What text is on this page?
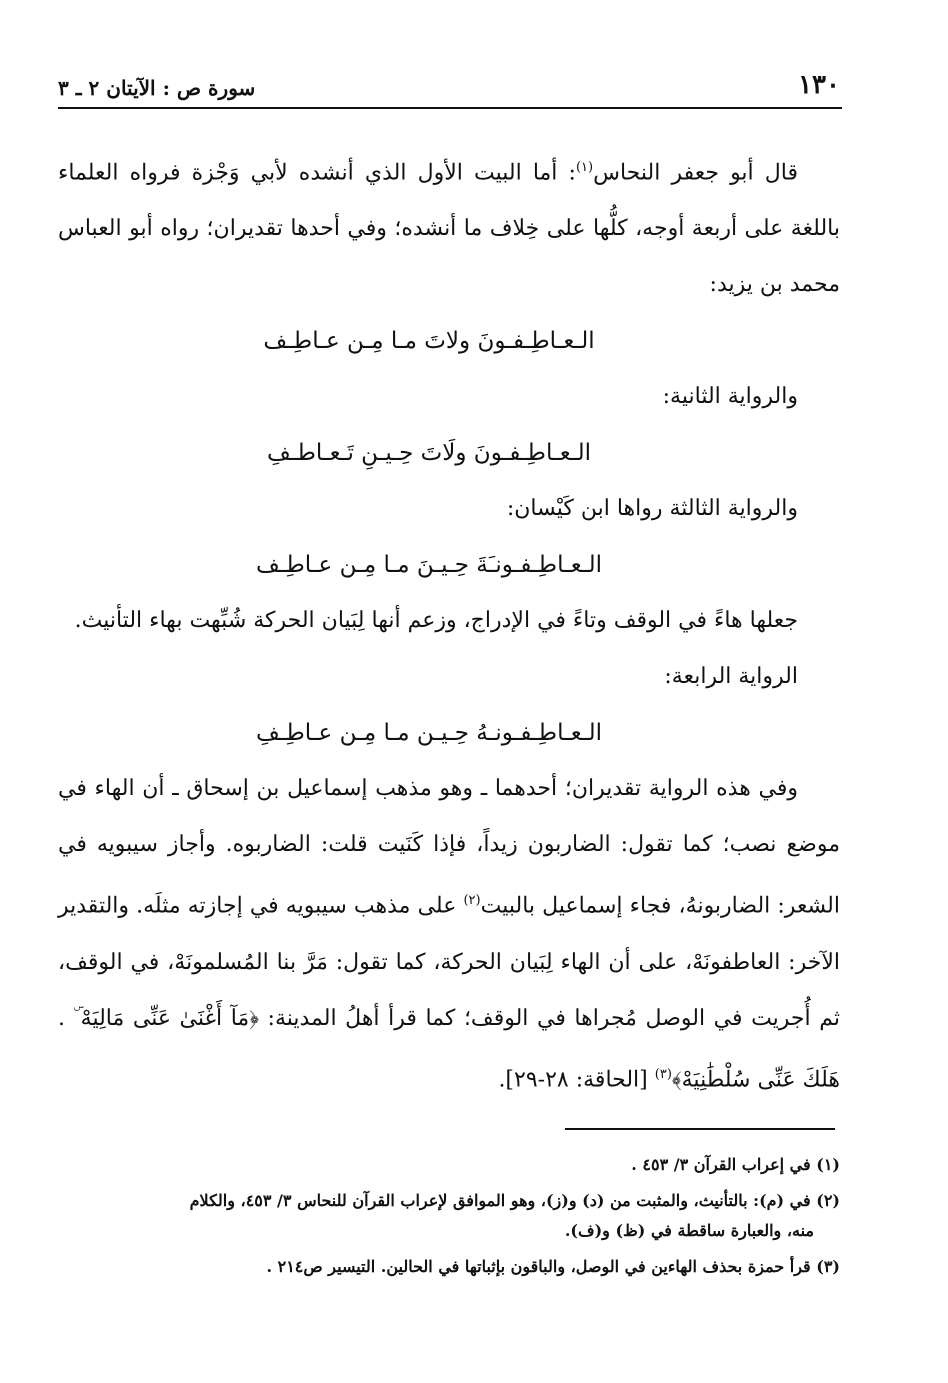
١٣٠
سورة ص : الآيتان ٢ ـ ٣

قال أبو جعفر النحاس$^{(١)}$: أما البيت الأول الذي أنشده لأبي وَجْزة فرواه العلماء باللغة على أربعة أوجه، كلُّها على خِلاف ما أنشده؛ وفي أحدها تقديران؛ رواه أبو العباس محمد بن يزيد:

الـعـاطِـفـونَ ولاتَ مـا مِـن عـاطِـف

والرواية الثانية:

الـعـاطِـفـونَ ولَاتَ حِـيـنِ تَـعـاطـفِ

والرواية الثالثة رواها ابن كَيْسان:

الـعـاطِـفـونـَةَ حِـيـنَ مـا مِـن عـاطِـف

جعلها هاءً في الوقف وتاءً في الإدراج، وزعم أنها لِبَيان الحركة شُبِّهت بهاء التأنيث.

الرواية الرابعة:

الـعـاطِـفـونـهُ حِـيـن مـا مِـن عـاطِـفِ

وفي هذه الرواية تقديران؛ أحدهما ـ وهو مذهب إسماعيل بن إسحاق ـ أن الهاء في موضع نصب؛ كما تقول: الضاربون زيداً، فإذا كَنَيت قلت: الضاربوه. وأجاز سيبويه في الشعر: الضاربونهُ، فجاء إسماعيل بالبيت$^{(٢)}$ على مذهب سيبويه في إجازته مثلَه. والتقدير الآخر: العاطفونَهْ، على أن الهاء لِبَيان الحركة، كما تقول: مَرَّ بنا المُسلمونَهْ، في الوقف، ثم أُجريت في الوصل مُجراها في الوقف؛ كما قرأ أهلُ المدينة: ﴿مَآ أَغْنَىٰ عَنِّى مَالِيَهْ ۜ . هَلَكَ عَنِّى سُلْطَٰنِيَهْ﴾$^{(٣)}$ [الحاقة: ٢٨-٢٩].

(١) في إعراب القرآن ٣/ ٤٥٣ .

(٢) في (م): بالتأنيث، والمثبت من (د) و(ز)، وهو الموافق لإعراب القرآن للنحاس ٣/ ٤٥٣، والكلام
منه، والعبارة ساقطة في (ظ) و(ف).

(٣) قرأ حمزة بحذف الهاءين في الوصل، والباقون بإثباتها في الحالين. التيسير ص٢١٤ .
